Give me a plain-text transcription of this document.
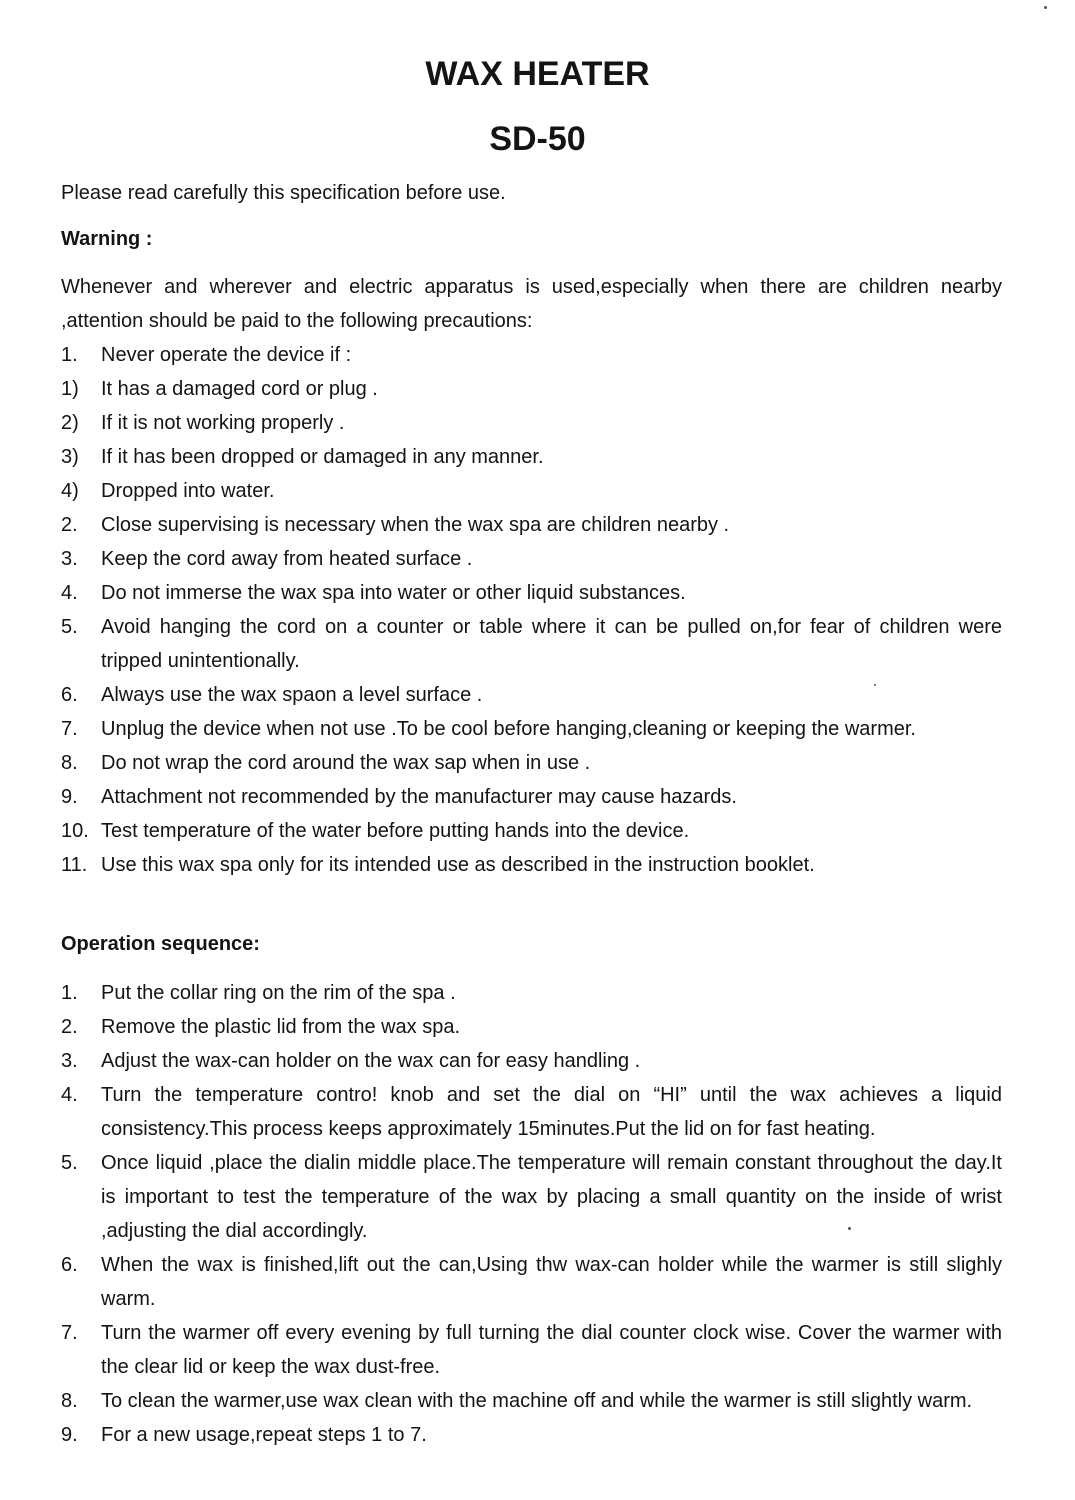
WAX HEATER
SD-50

Please read carefully this specification before use.

Warning :

Whenever and wherever and electric apparatus is used,especially when there are children nearby ,attention should be paid to the following precautions:

1.	Never operate the device if :
1)	It has a damaged cord or plug .
2)	If it is not working properly .
3)	If it has been dropped or damaged in any manner.
4)	Dropped into water.
2.	Close supervising is necessary when the wax spa are children nearby .
3.	Keep the cord away from heated surface .
4.	Do not immerse the wax spa into water or other liquid substances.
5.	Avoid hanging the cord on a counter or table where it can be pulled on,for fear of children were tripped unintentionally.
6.	Always use the wax spaon a level surface .
7.	Unplug the device when not use .To be cool before hanging,cleaning or keeping the warmer.
8.	Do not wrap the cord around the wax sap when in use .
9.	Attachment not recommended by the manufacturer may cause hazards.
10. Test temperature of the water before putting hands into the device.
11. Use this wax spa only for its intended use as described in the instruction booklet.

Operation sequence:

1.	Put the collar ring on the rim of the spa .
2.	Remove the plastic lid from the wax spa.
3.	Adjust the wax-can holder on the wax can for easy handling .
4.	Turn the temperature contro! knob and set the dial on “HI” until the wax achieves a liquid consistency.This process keeps approximately 15minutes.Put the lid on for fast heating.
5.	Once liquid ,place the dialin middle place.The temperature will remain constant throughout the day.It is important to test the temperature of the wax by placing a small quantity on the inside of wrist ,adjusting the dial accordingly.
6.	When the wax is finished,lift out the can,Using thw wax-can holder while the warmer is still slighly warm.
7.	Turn the warmer off every evening by full turning the dial counter clock wise. Cover the warmer with the clear lid or keep the wax dust-free.
8.	To clean the warmer,use wax clean with the machine off and while the warmer is still slightly warm.
9.	For a new usage,repeat steps 1 to 7.
